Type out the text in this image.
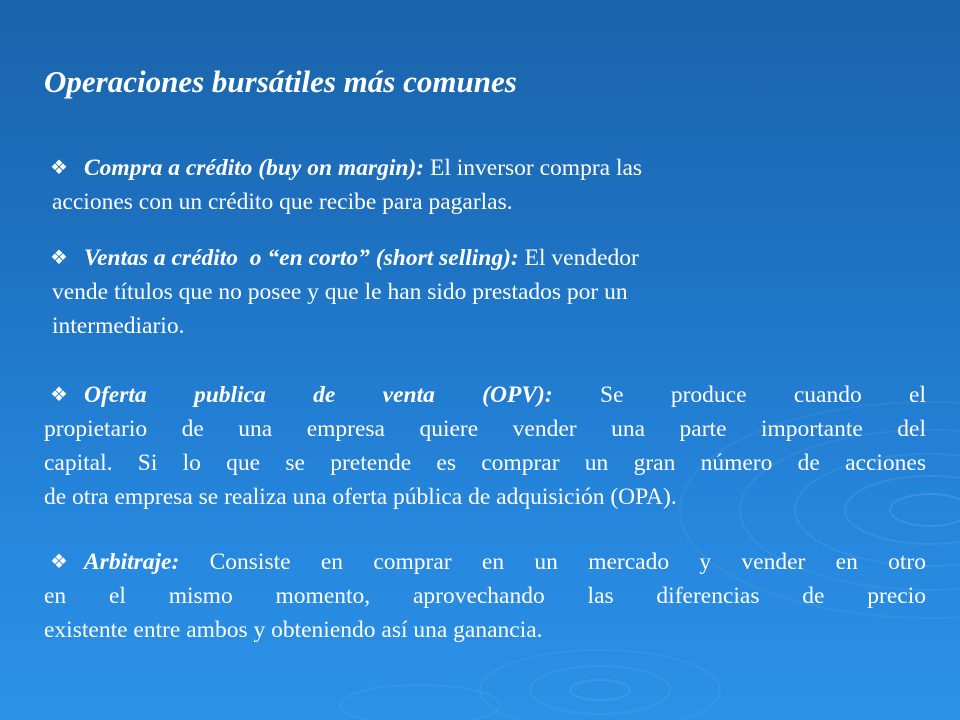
Operaciones bursátiles más comunes
❖ Compra a crédito (buy on margin): El inversor compra las
acciones con un crédito que recibe para pagarlas.
❖ Ventas a crédito  o “en corto” (short selling): El vendedor
vende títulos que no posee y que le han sido prestados por un
intermediario.
❖ Oferta publica de venta (OPV): Se produce cuando el
propietario de una empresa quiere vender una parte importante del
capital. Si lo que se pretende es comprar un gran número de acciones
de otra empresa se realiza una oferta pública de adquisición (OPA).
❖ Arbitraje: Consiste en comprar en un mercado y vender en otro
en el mismo momento, aprovechando las diferencias de precio
existente entre ambos y obteniendo así una ganancia.
